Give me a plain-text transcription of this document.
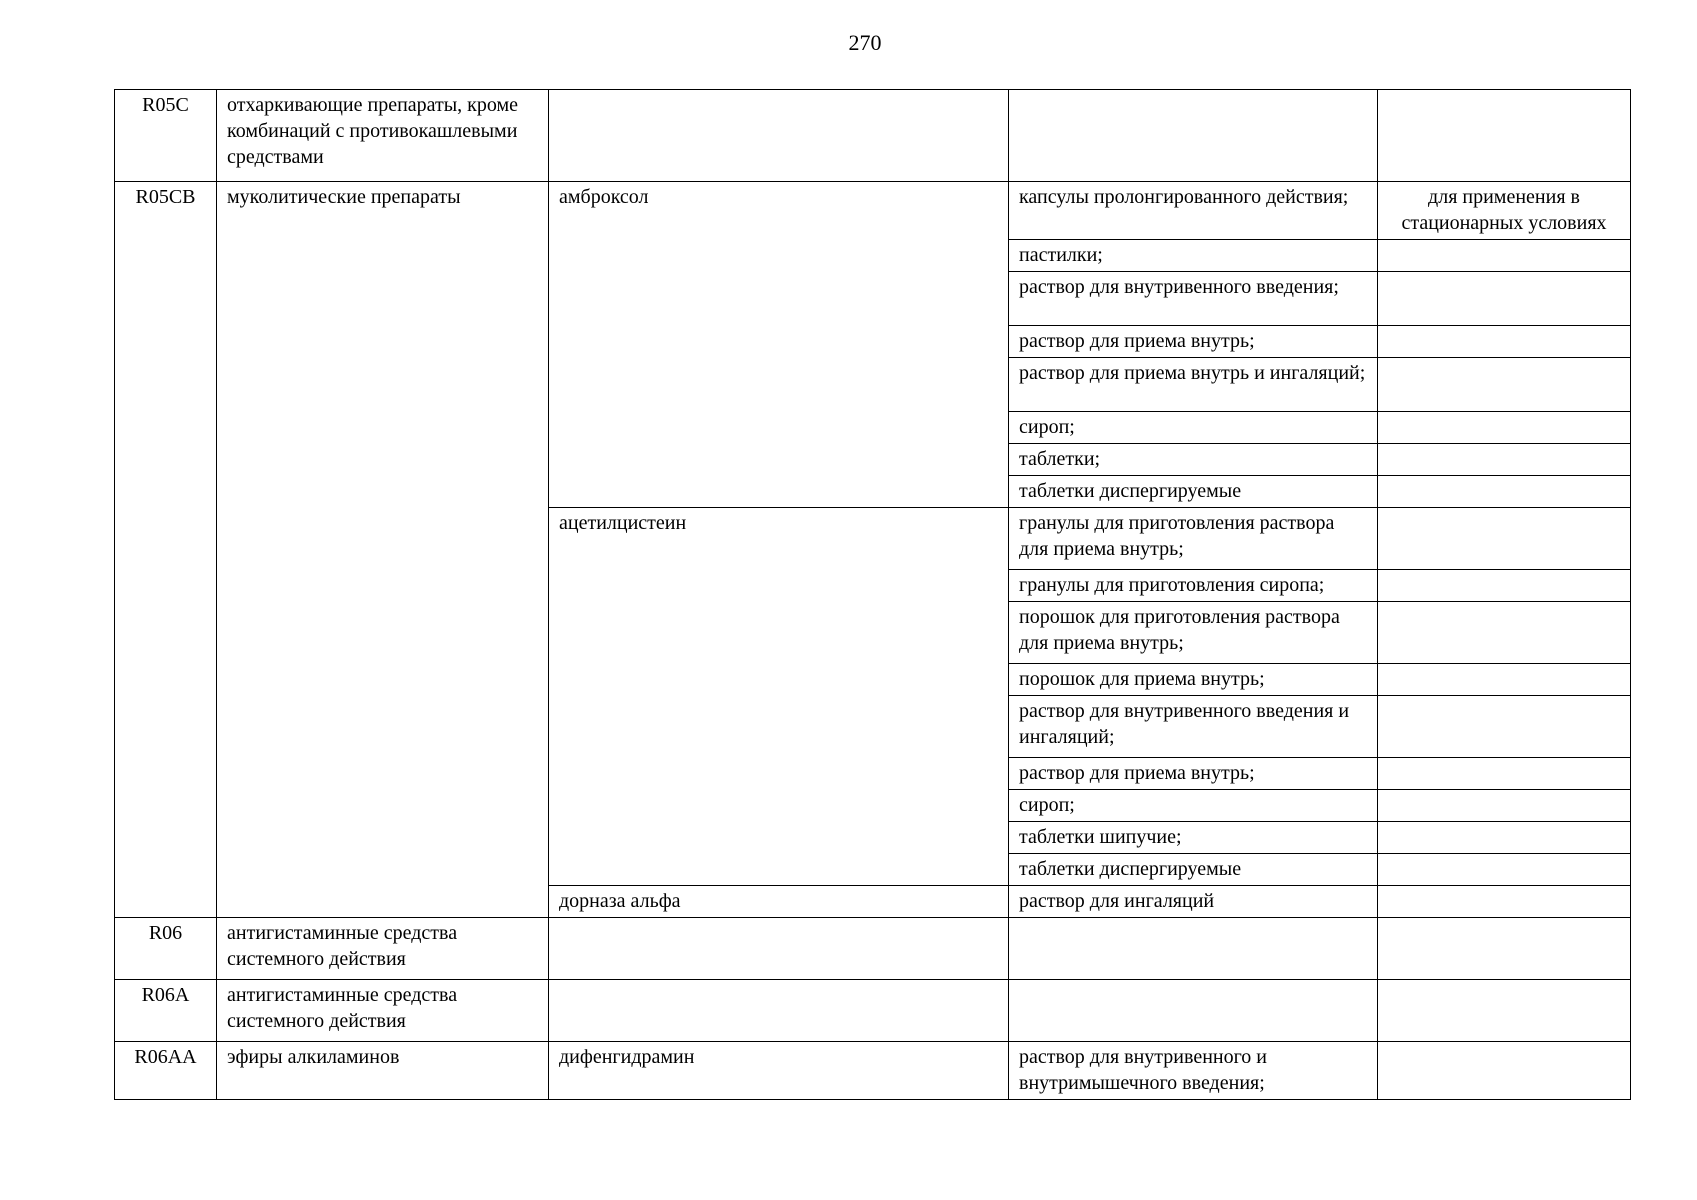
270
R05C	отхаркивающие препараты, кроме комбинаций с противокашлевыми средствами			
R05CB	муколитические препараты	амброксол	капсулы пролонгированного действия;	для применения в стационарных условиях
			пастилки;	
			раствор для внутривенного введения;	
			раствор для приема внутрь;	
			раствор для приема внутрь и ингаляций;	
			сироп;	
			таблетки;	
			таблетки диспергируемые	
		ацетилцистеин	гранулы для приготовления раствора для приема внутрь;	
			гранулы для приготовления сиропа;	
			порошок для приготовления раствора для приема внутрь;	
			порошок для приема внутрь;	
			раствор для внутривенного введения и ингаляций;	
			раствор для приема внутрь;	
			сироп;	
			таблетки шипучие;	
			таблетки диспергируемые	
		дорназа альфа	раствор для ингаляций	
R06	антигистаминные средства системного действия			
R06A	антигистаминные средства системного действия			
R06AA	эфиры алкиламинов	дифенгидрамин	раствор для внутривенного и внутримышечного введения;	
